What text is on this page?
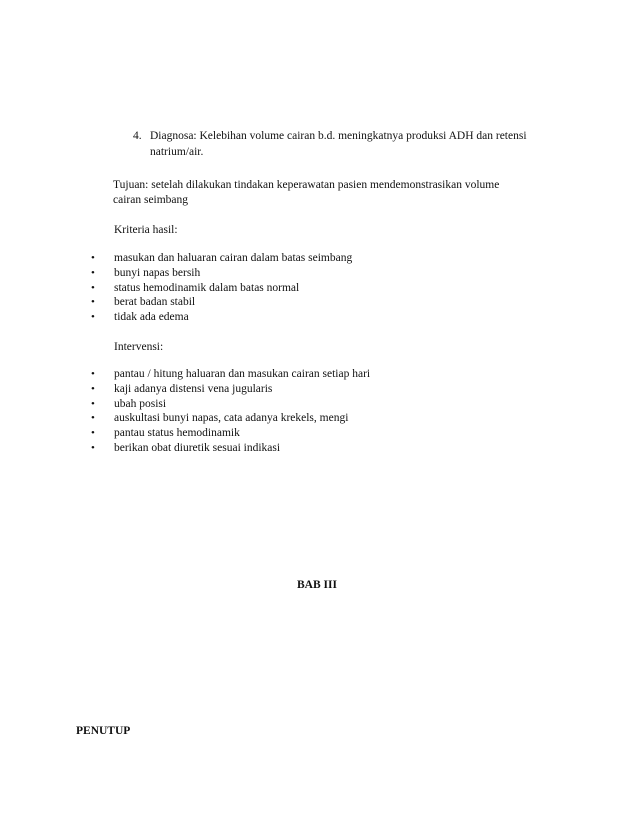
4. Diagnosa: Kelebihan volume cairan b.d. meningkatnya produksi ADH dan retensi
natrium/air.
Tujuan: setelah dilakukan tindakan keperawatan pasien mendemonstrasikan volume
cairan seimbang
Kriteria hasil:
• masukan dan haluaran cairan dalam batas seimbang
• bunyi napas bersih
• status hemodinamik dalam batas normal
• berat badan stabil
• tidak ada edema
Intervensi:
• pantau / hitung haluaran dan masukan cairan setiap hari
• kaji adanya distensi vena jugularis
• ubah posisi
• auskultasi bunyi napas, cata adanya krekels, mengi
• pantau status hemodinamik
• berikan obat diuretik sesuai indikasi
BAB III
PENUTUP
